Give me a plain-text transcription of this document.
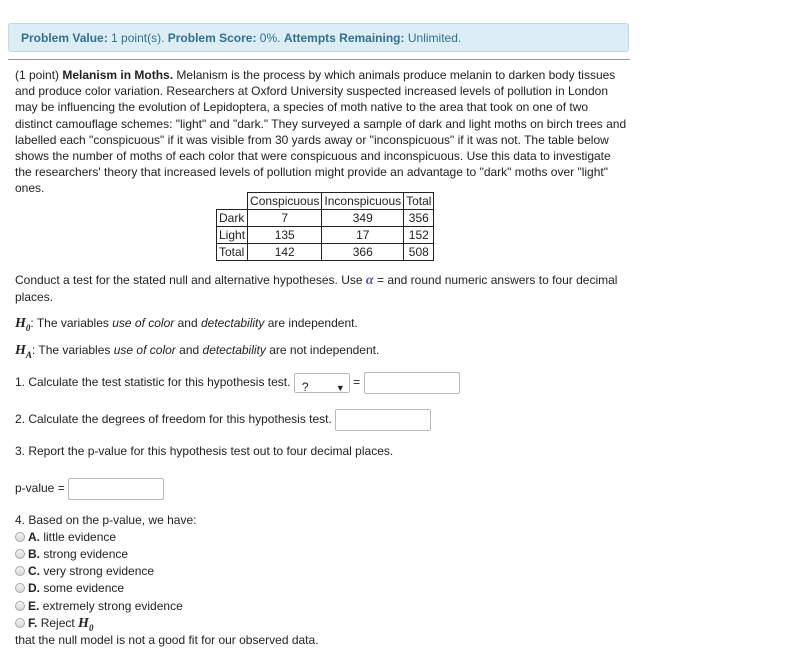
Problem Value: 1 point(s). Problem Score: 0%. Attempts Remaining: Unlimited.
(1 point) Melanism in Moths. Melanism is the process by which animals produce melanin to darken body tissues and produce color variation. Researchers at Oxford University suspected increased levels of pollution in London may be influencing the evolution of Lepidoptera, a species of moth native to the area that took on one of two distinct camouflage schemes: "light" and "dark." They surveyed a sample of dark and light moths on birch trees and labelled each "conspicuous" if it was visible from 30 yards away or "inconspicuous" if it was not. The table below shows the number of moths of each color that were conspicuous and inconspicuous. Use this data to investigate the researchers' theory that increased levels of pollution might provide an advantage to "dark" moths over "light" ones.
	Conspicuous	Inconspicuous	Total
Dark	7	349	356
Light	135	17	152
Total	142	366	508
Conduct a test for the stated null and alternative hypotheses. Use α = and round numeric answers to four decimal
places.
$H_0$: The variables use of color and detectability are independent.
$H_A$: The variables use of color and detectability are not independent.
1. Calculate the test statistic for this hypothesis test. ?	▼ =
2. Calculate the degrees of freedom for this hypothesis test.
3. Report the p-value for this hypothesis test out to four decimal places.
p-value =
4. Based on the p-value, we have:
A. little evidence
B. strong evidence
C. very strong evidence
D. some evidence
E. extremely strong evidence
F. Reject $H_0$
that the null model is not a good fit for our observed data.
